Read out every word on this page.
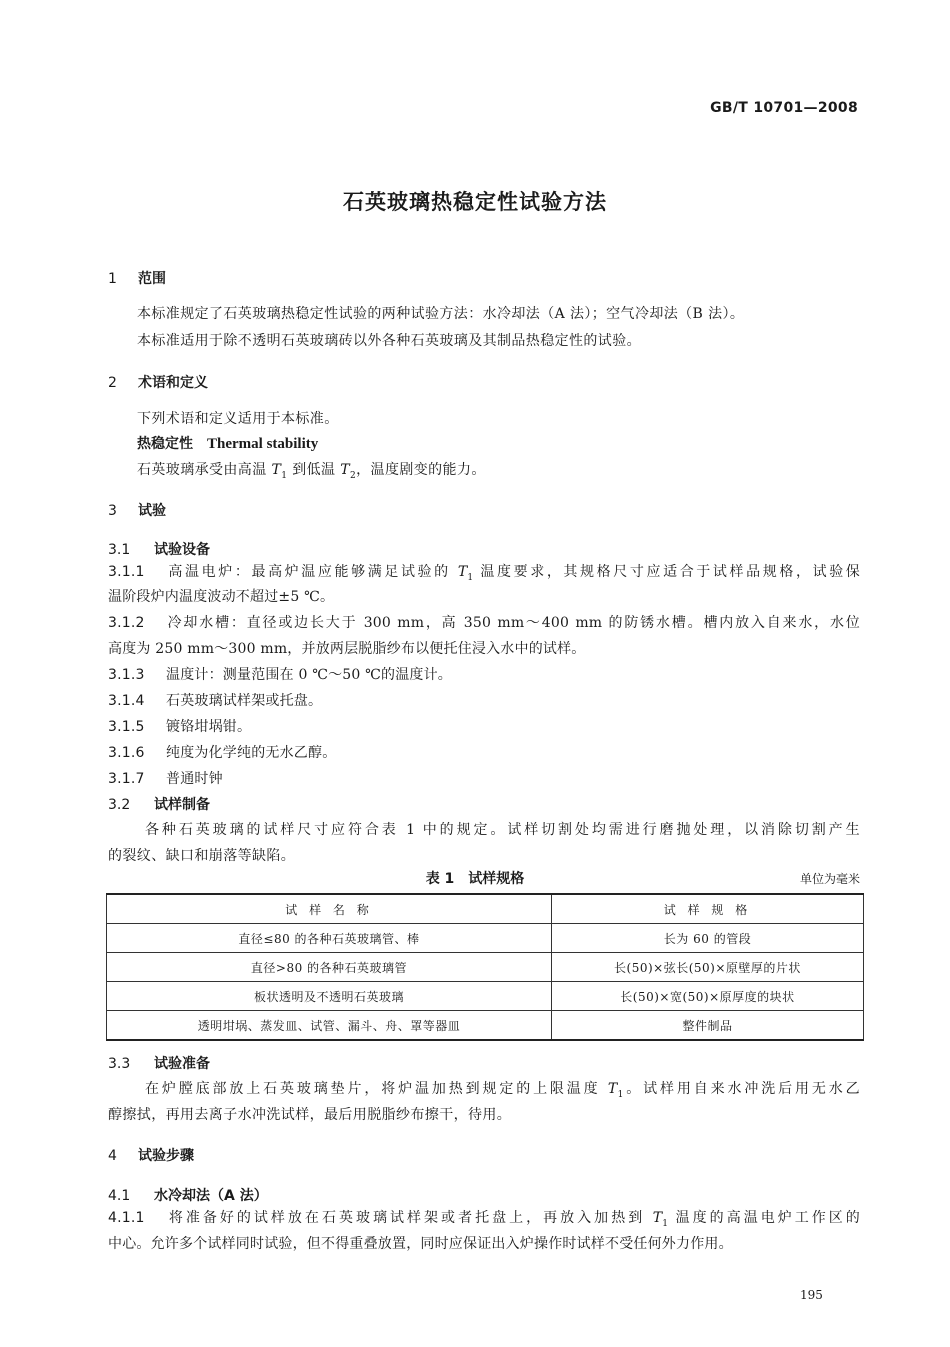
GB/T 10701—2008
石英玻璃热稳定性试验方法
1 范围
本标准规定了石英玻璃热稳定性试验的两种试验方法：水冷却法（A 法）；空气冷却法（B 法）。
本标准适用于除不透明石英玻璃砖以外各种石英玻璃及其制品热稳定性的试验。
2 术语和定义
下列术语和定义适用于本标准。
热稳定性 Thermal stability
石英玻璃承受由高温 $T_1$ 到低温 $T_2$，温度剧变的能力。
3 试验
3.1 试验设备
3.1.1 高温电炉：最高炉温应能够满足试验的 $T_1$ 温度要求，其规格尺寸应适合于试样品规格，试验保
温阶段炉内温度波动不超过±5 ℃。
3.1.2 冷却水槽：直径或边长大于 300 mm，高 350 mm～400 mm 的防锈水槽。槽内放入自来水，水位
高度为 250 mm～300 mm，并放两层脱脂纱布以便托住浸入水中的试样。
3.1.3 温度计：测量范围在 0 ℃～50 ℃的温度计。
3.1.4 石英玻璃试样架或托盘。
3.1.5 镀铬坩埚钳。
3.1.6 纯度为化学纯的无水乙醇。
3.1.7 普通时钟
3.2 试样制备
各种石英玻璃的试样尺寸应符合表 1 中的规定。试样切割处均需进行磨抛处理，以消除切割产生
的裂纹、缺口和崩落等缺陷。
表 1　试样规格	单位为毫米
试 样 名 称	试 样 规 格
直径≤80 的各种石英玻璃管、棒	长为 60 的管段
直径>80 的各种石英玻璃管	长(50)×弦长(50)×原壁厚的片状
板状透明及不透明石英玻璃	长(50)×宽(50)×原厚度的块状
透明坩埚、蒸发皿、试管、漏斗、舟、罩等器皿	整件制品
3.3 试验准备
在炉膛底部放上石英玻璃垫片，将炉温加热到规定的上限温度 $T_1$。试样用自来水冲洗后用无水乙
醇擦拭，再用去离子水冲洗试样，最后用脱脂纱布擦干，待用。
4 试验步骤
4.1 水冷却法（A 法）
4.1.1 将准备好的试样放在石英玻璃试样架或者托盘上，再放入加热到 $T_1$ 温度的高温电炉工作区的
中心。允许多个试样同时试验，但不得重叠放置，同时应保证出入炉操作时试样不受任何外力作用。
195
